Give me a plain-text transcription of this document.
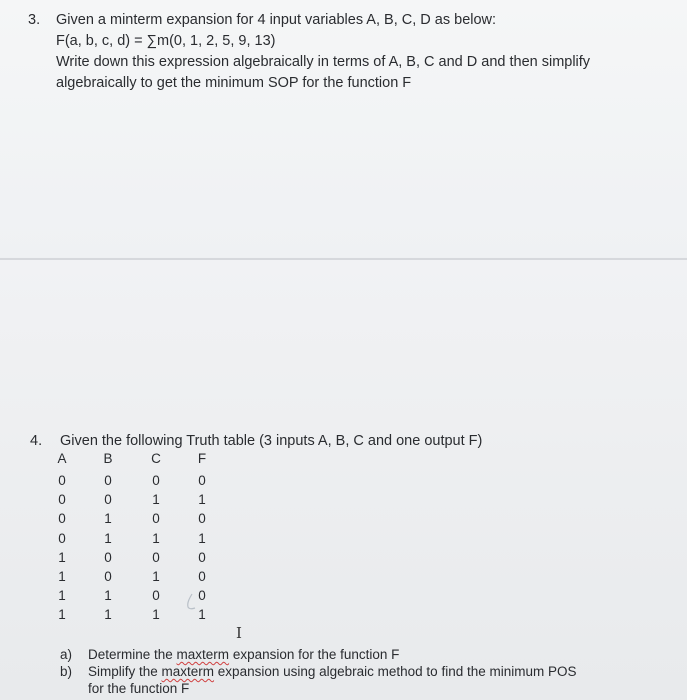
3. Given a minterm expansion for 4 input variables A, B, C, D as below:
F(a, b, c, d) = ∑m(0, 1, 2, 5, 9, 13)
Write down this expression algebraically in terms of A, B, C and D and then simplify
algebraically to get the minimum SOP for the function F
4. Given the following Truth table (3 inputs A, B, C and one output F)
A	B	C	F
0	0	0	0
0	0	1	1
0	1	0	0
0	1	1	1
1	0	0	0
1	0	1	0
1	1	0	0
1	1	1	1
I
a) Determine the maxterm expansion for the function F
b) Simplify the maxterm expansion using algebraic method to find the minimum POS
for the function F
